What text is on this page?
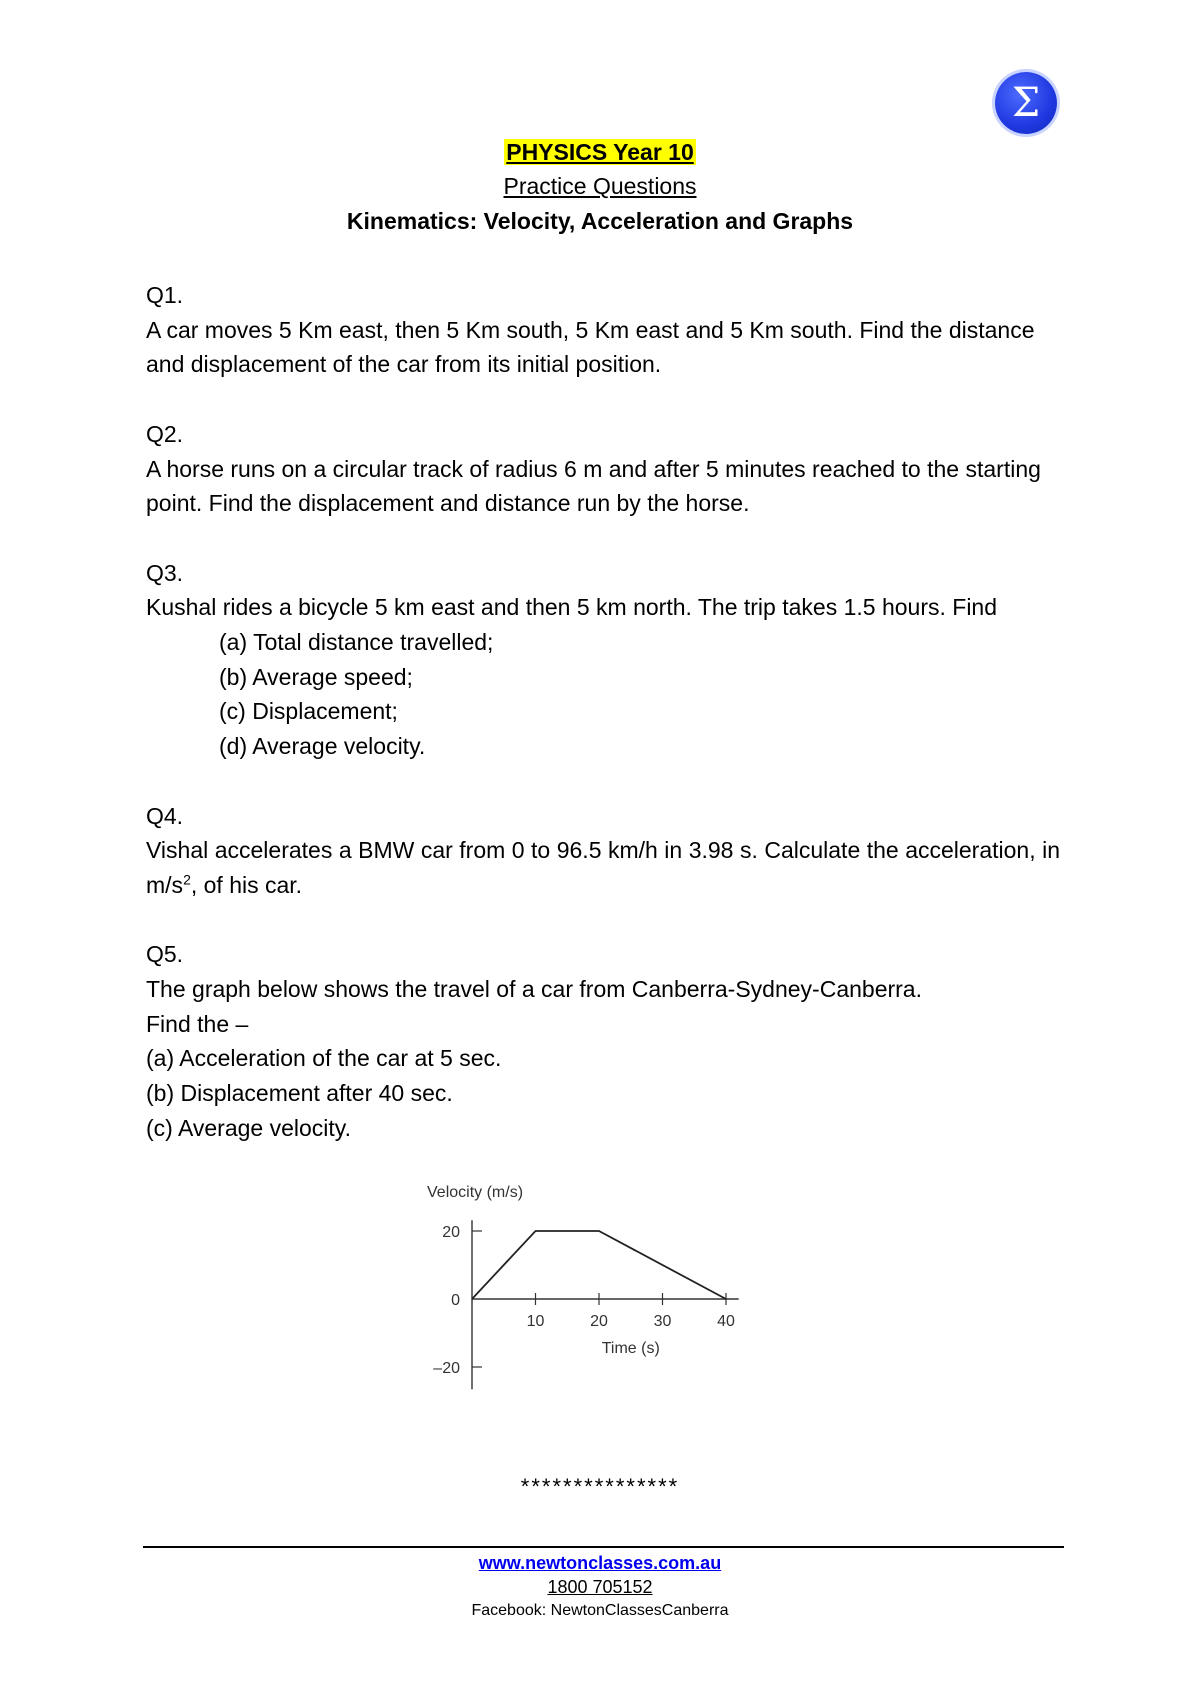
Σ
PHYSICS Year 10
Practice Questions
Kinematics: Velocity, Acceleration and Graphs
Q1.
A car moves 5 Km east, then 5 Km south, 5 Km east and 5 Km south. Find the distance and displacement of the car from its initial position.
Q2.
A horse runs on a circular track of radius 6 m and after 5 minutes reached to the starting point. Find the displacement and distance run by the horse.
Q3.
Kushal rides a bicycle 5 km east and then 5 km north. The trip takes 1.5 hours. Find
(a) Total distance travelled;
(b) Average speed;
(c) Displacement;
(d) Average velocity.
Q4.
Vishal accelerates a BMW car from 0 to 96.5 km/h in 3.98 s. Calculate the acceleration, in $m/s^2$, of his car.
Q5.
The graph below shows the travel of a car from Canberra-Sydney-Canberra.
Find the –
(a) Acceleration of the car at 5 sec.
(b) Displacement after 40 sec.
(c) Average velocity.
20
0
–20
10	20	30	40
Velocity (m/s)
Time (s)
***************
www.newtonclasses.com.au
1800 705152
Facebook: NewtonClassesCanberra
